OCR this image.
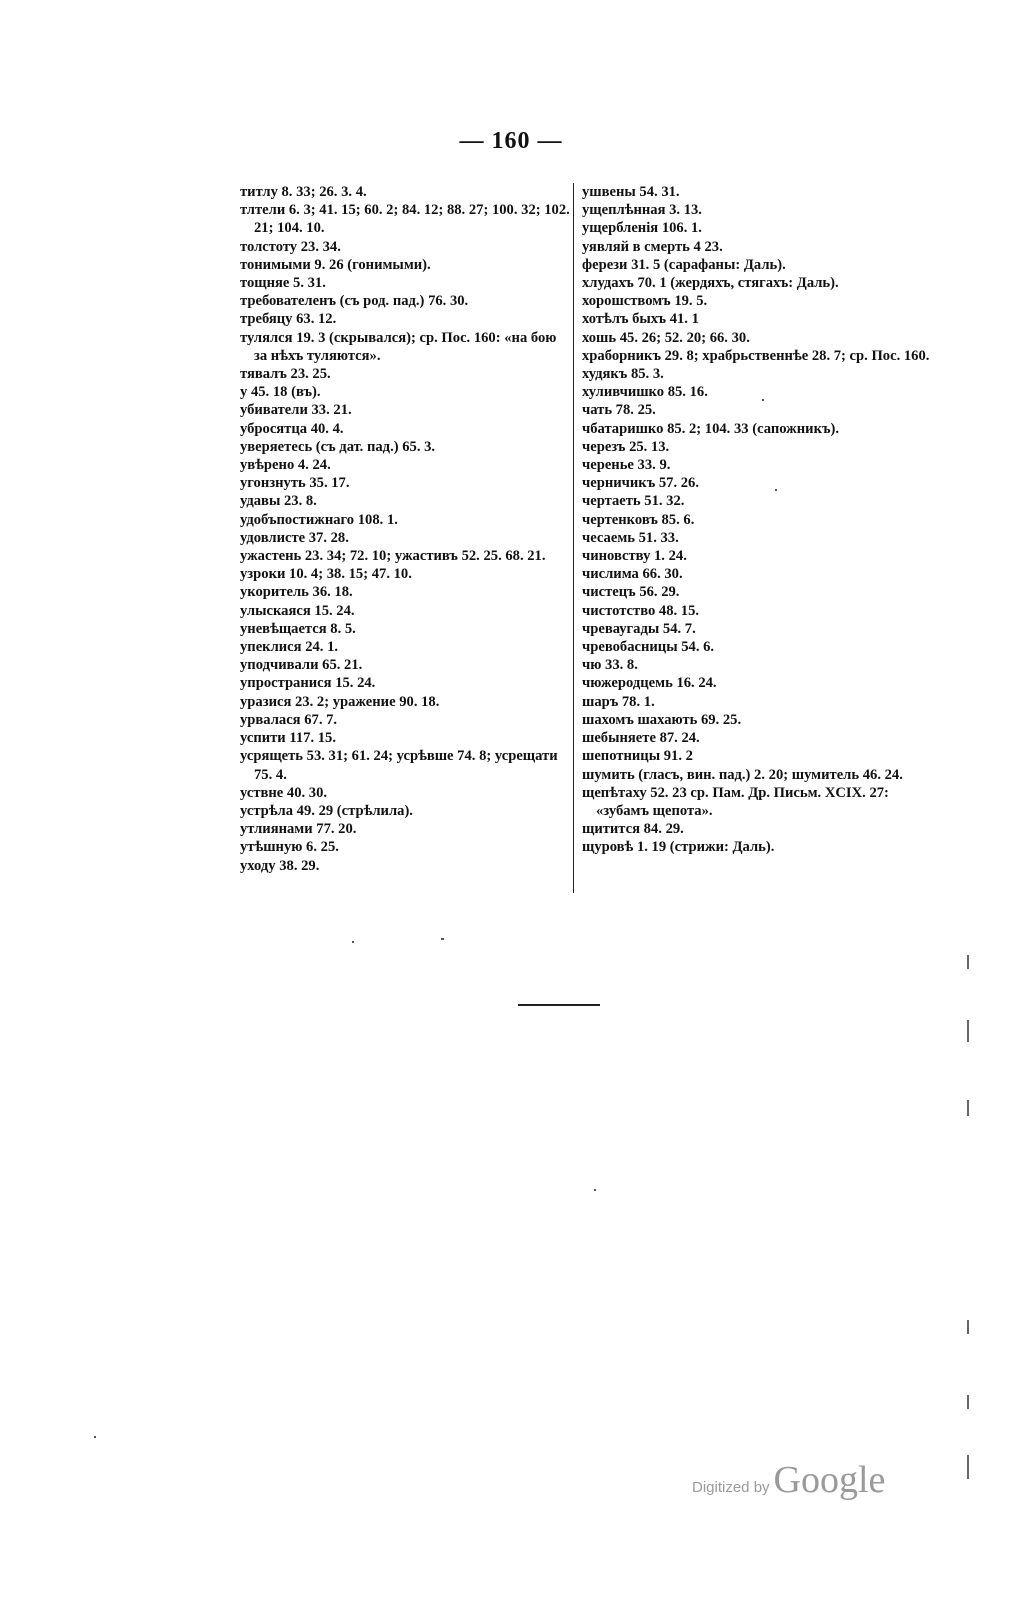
— 160 —
титлу 8. 33; 26. 3. 4.
тлтели 6. 3; 41. 15; 60. 2; 84. 12; 88. 27; 100. 32; 102. 21; 104. 10.
толстоту 23. 34.
тонимыми 9. 26 (гонимыми).
тощняе 5. 31.
требователенъ (съ род. пад.) 76. 30.
требяцу 63. 12.
тулялся 19. 3 (скрывался); ср. Пос. 160: «на бою за нѣхъ туляются».
тявалъ 23. 25.
у 45. 18 (въ).
убиватели 33. 21.
убросятца 40. 4.
уверяетесь (съ дат. пад.) 65. 3.
увѣрено 4. 24.
угонзнуть 35. 17.
удавы 23. 8.
удобъпостижнаго 108. 1.
удовлисте 37. 28.
ужастень 23. 34; 72. 10; ужастивъ 52. 25. 68. 21.
узроки 10. 4; 38. 15; 47. 10.
укоритель 36. 18.
улыскаяся 15. 24.
уневѣщается 8. 5.
упеклися 24. 1.
уподчивали 65. 21.
упространися 15. 24.
уразися 23. 2; уражение 90. 18.
урвалася 67. 7.
успити 117. 15.
усрящеть 53. 31; 61. 24; усрѣвше 74. 8; усрещати 75. 4.
уствне 40. 30.
устрѣла 49. 29 (стрѣлила).
утлиянами 77. 20.
утѣшную 6. 25.
уходу 38. 29.
ушвены 54. 31.
ущеплѣнная 3. 13.
ущербленія 106. 1.
уявляй в смерть 4 23.
ферези 31. 5 (сарафаны: Даль).
хлудахъ 70. 1 (жердяхъ, стягахъ: Даль).
хорошствомъ 19. 5.
хотѣлъ быхъ 41. 1
хошь 45. 26; 52. 20; 66. 30.
храборникъ 29. 8; храбрьственнѣе 28. 7; ср. Пос. 160.
худякъ 85. 3.
хуливчишко 85. 16.
чать 78. 25.
чбатаришко 85. 2; 104. 33 (сапожникъ).
черезъ 25. 13.
черенье 33. 9.
черничикъ 57. 26.
чертаеть 51. 32.
чертенковъ 85. 6.
чесаемь 51. 33.
чиновству 1. 24.
числима 66. 30.
чистецъ 56. 29.
чистотство 48. 15.
чреваугады 54. 7.
чревобасницы 54. 6.
чю 33. 8.
чюжеродцемь 16. 24.
шаръ 78. 1.
шахомъ шахають 69. 25.
шебыняете 87. 24.
шепотницы 91. 2
шумить (гласъ, вин. пад.) 2. 20; шумитель 46. 24.
щепѣтаху 52. 23 ср. Пам. Др. Письм. XCIX. 27: «зубамъ щепота».
щитится 84. 29.
щуровѣ 1. 19 (стрижи: Даль).
Digitized by Google
